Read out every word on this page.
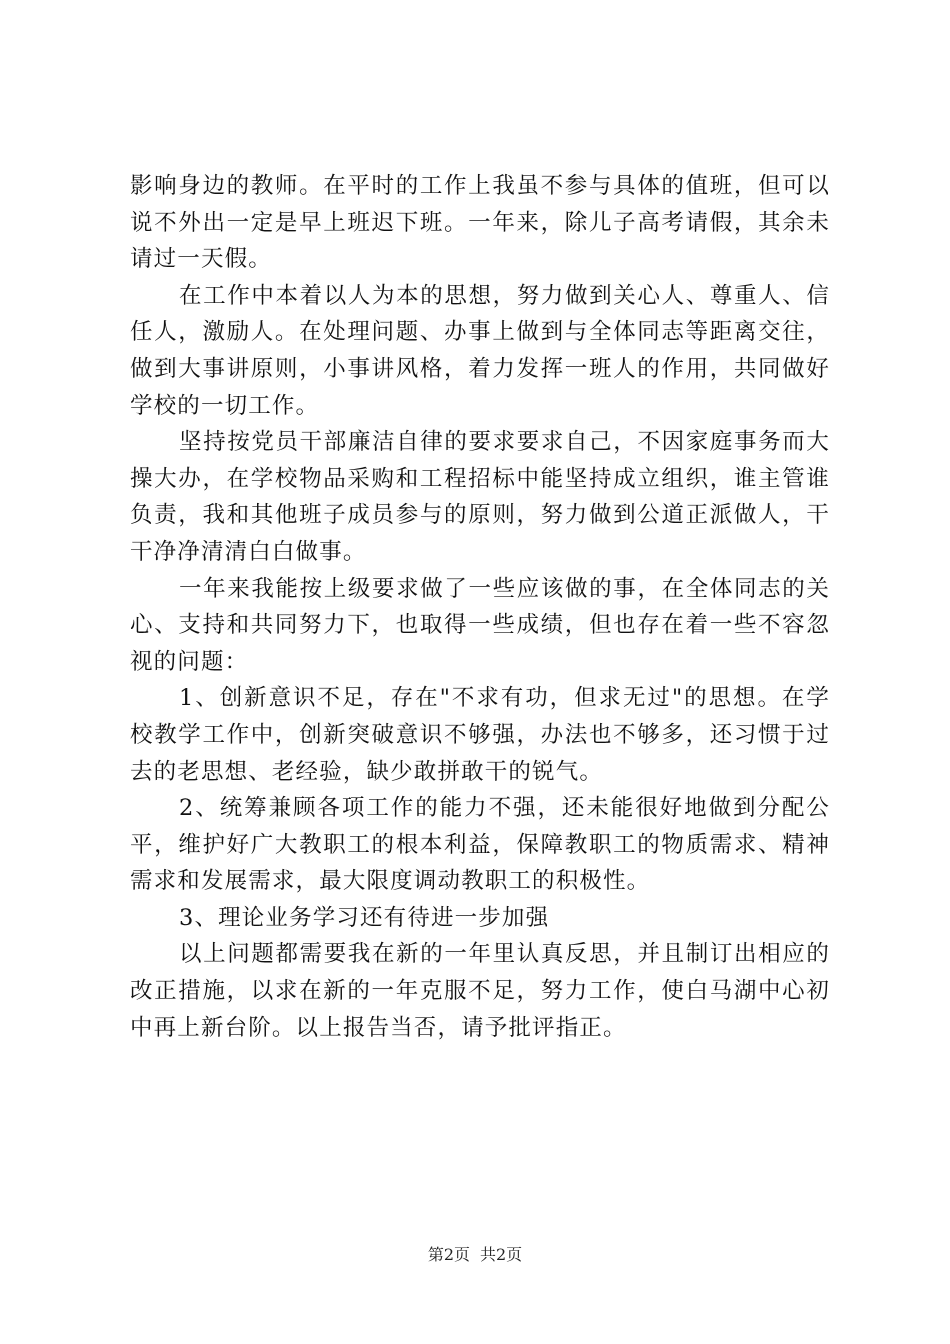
影响身边的教师。在平时的工作上我虽不参与具体的值班，但可以说不外出一定是早上班迟下班。一年来，除儿子高考请假，其余未请过一天假。

在工作中本着以人为本的思想，努力做到关心人、尊重人、信任人，激励人。在处理问题、办事上做到与全体同志等距离交往，做到大事讲原则，小事讲风格，着力发挥一班人的作用，共同做好学校的一切工作。

坚持按党员干部廉洁自律的要求要求自己，不因家庭事务而大操大办，在学校物品采购和工程招标中能坚持成立组织，谁主管谁负责，我和其他班子成员参与的原则，努力做到公道正派做人，干干净净清清白白做事。

一年来我能按上级要求做了一些应该做的事，在全体同志的关心、支持和共同努力下，也取得一些成绩，但也存在着一些不容忽视的问题：

1、创新意识不足，存在"不求有功，但求无过"的思想。在学校教学工作中，创新突破意识不够强，办法也不够多，还习惯于过去的老思想、老经验，缺少敢拼敢干的锐气。

2、统筹兼顾各项工作的能力不强，还未能很好地做到分配公平，维护好广大教职工的根本利益，保障教职工的物质需求、精神需求和发展需求，最大限度调动教职工的积极性。

3、理论业务学习还有待进一步加强

以上问题都需要我在新的一年里认真反思，并且制订出相应的改正措施，以求在新的一年克服不足，努力工作，使白马湖中心初中再上新台阶。以上报告当否，请予批评指正。

第2页 共2页
